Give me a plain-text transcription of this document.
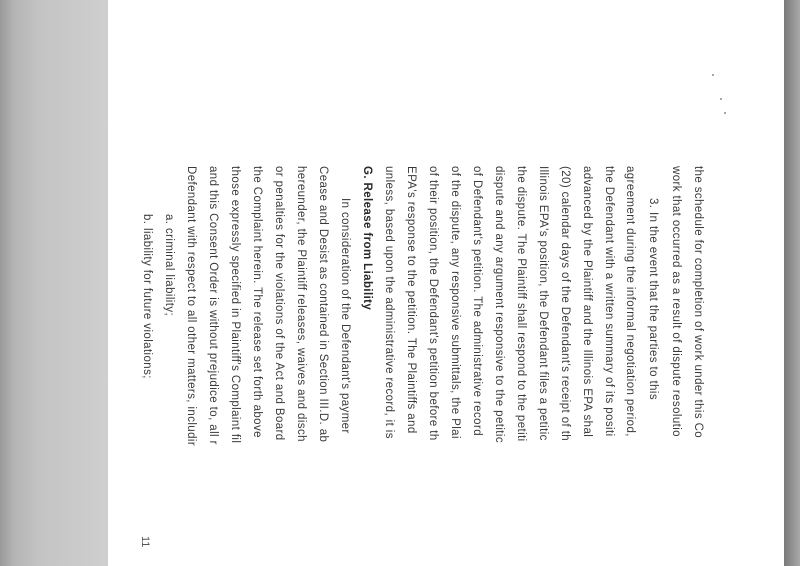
the schedule for completion of work under this Co
work that occurred as a result of dispute resolutio
3. In the event that the parties to this
agreement during the informal negotiation period,
the Defendant with a written summary of its positi
advanced by the Plaintiff and the Illinois EPA shal
(20) calendar days of the Defendant's receipt of th
Illinois EPA's position, the Defendant files a petitic
the dispute. The Plaintiff shall respond to the petiti
dispute and any argument responsive to the petitic
of Defendant's petition. The administrative record
of the dispute, any responsive submittals, the Plai
of their position, the Defendant's petition before th
EPA's response to the petition. The Plaintiffs and
unless, based upon the administrative record, it is
G. Release from Liability
In consideration of the Defendant's paymer
Cease and Desist as contained in Section III.D. ab
hereunder, the Plaintiff releases, waives and disch
or penalties for the violations of the Act and Board
the Complaint herein. The release set forth above
those expressly specified in Plaintiff's Complaint fil
and this Consent Order is without prejudice to, all r
Defendant with respect to all other matters, includir
a. criminal liability;
b. liability for future violations;
11
